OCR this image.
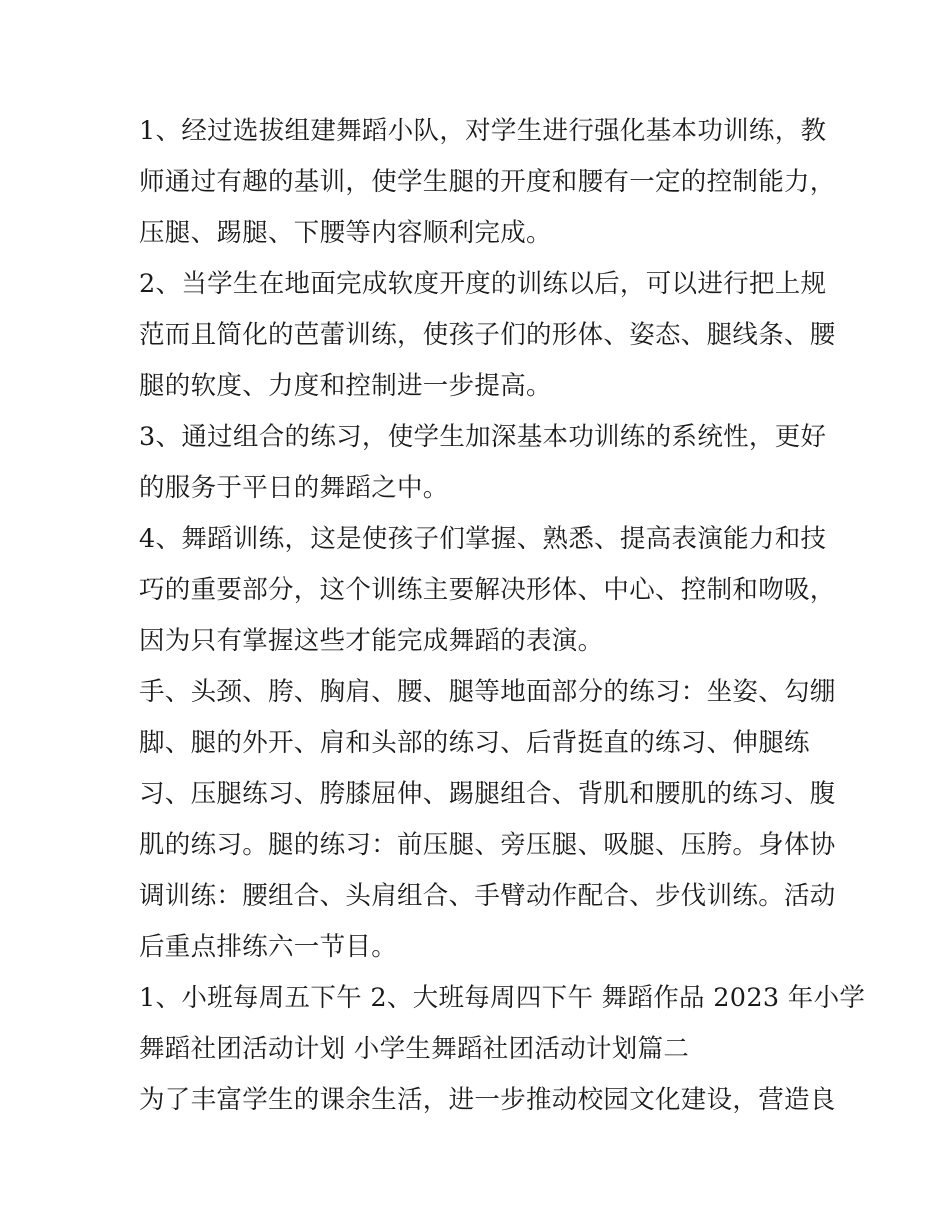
1、经过选拔组建舞蹈小队，对学生进行强化基本功训练，教
师通过有趣的基训，使学生腿的开度和腰有一定的控制能力，
压腿、踢腿、下腰等内容顺利完成。

2、当学生在地面完成软度开度的训练以后，可以进行把上规
范而且简化的芭蕾训练，使孩子们的形体、姿态、腿线条、腰
腿的软度、力度和控制进一步提高。

3、通过组合的练习，使学生加深基本功训练的系统性，更好
的服务于平日的舞蹈之中。

4、舞蹈训练，这是使孩子们掌握、熟悉、提高表演能力和技
巧的重要部分，这个训练主要解决形体、中心、控制和吻吸，
因为只有掌握这些才能完成舞蹈的表演。

手、头颈、胯、胸肩、腰、腿等地面部分的练习：坐姿、勾绷
脚、腿的外开、肩和头部的练习、后背挺直的练习、伸腿练
习、压腿练习、胯膝屈伸、踢腿组合、背肌和腰肌的练习、腹
肌的练习。腿的练习：前压腿、旁压腿、吸腿、压胯。身体协
调训练：腰组合、头肩组合、手臂动作配合、步伐训练。活动
后重点排练六一节目。

1、小班每周五下午 2、大班每周四下午 舞蹈作品 2023 年小学
舞蹈社团活动计划 小学生舞蹈社团活动计划篇二

为了丰富学生的课余生活，进一步推动校园文化建设，营造良
